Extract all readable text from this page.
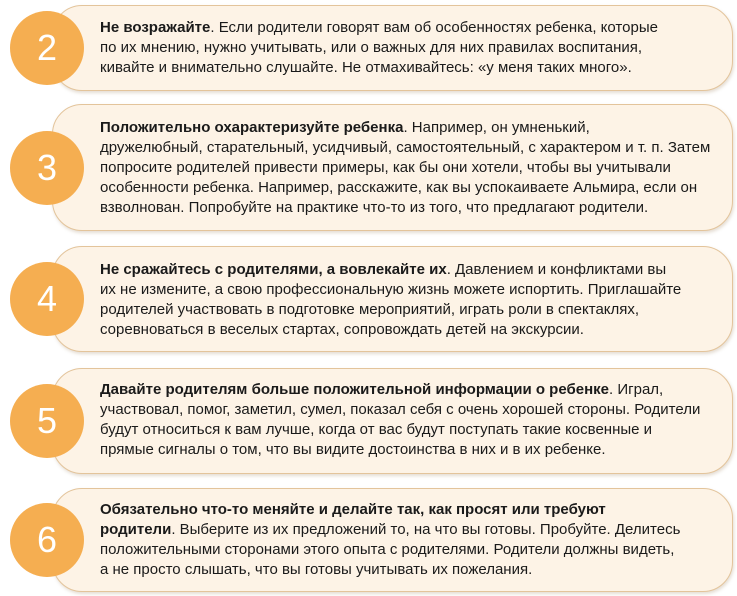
2	Не возражайте. Если родители говорят вам об особенностях ребенка, которые
по их мнению, нужно учитывать, или о важных для них правилах воспитания,
кивайте и внимательно слушайте. Не отмахивайтесь: «у меня таких много».

3

Положительно охарактеризуйте ребенка. Например, он умненький,
дружелюбный, старательный, усидчивый, самостоятельный, с характером и т. п. Затем
попросите родителей привести примеры, как бы они хотели, чтобы вы учитывали
особенности ребенка. Например, расскажите, как вы успокаиваете Альмира, если он
взволнован. Попробуйте на практике что-то из того, что предлагают родители.

4

Не сражайтесь с родителями, а вовлекайте их. Давлением и конфликтами вы
их не измените, а свою профессиональную жизнь можете испортить. Приглашайте
родителей участвовать в подготовке мероприятий, играть роли в спектаклях,
соревноваться в веселых стартах, сопровождать детей на экскурсии.

5

Давайте родителям больше положительной информации о ребенке. Играл,
участвовал, помог, заметил, сумел, показал себя с очень хорошей стороны. Родители
будут относиться к вам лучше, когда от вас будут поступать такие косвенные и
прямые сигналы о том, что вы видите достоинства в них и в их ребенке.

6

Обязательно что-то меняйте и делайте так, как просят или требуют
родители. Выберите из их предложений то, на что вы готовы. Пробуйте. Делитесь
положительными сторонами этого опыта с родителями. Родители должны видеть,
а не просто слышать, что вы готовы учитывать их пожелания.
